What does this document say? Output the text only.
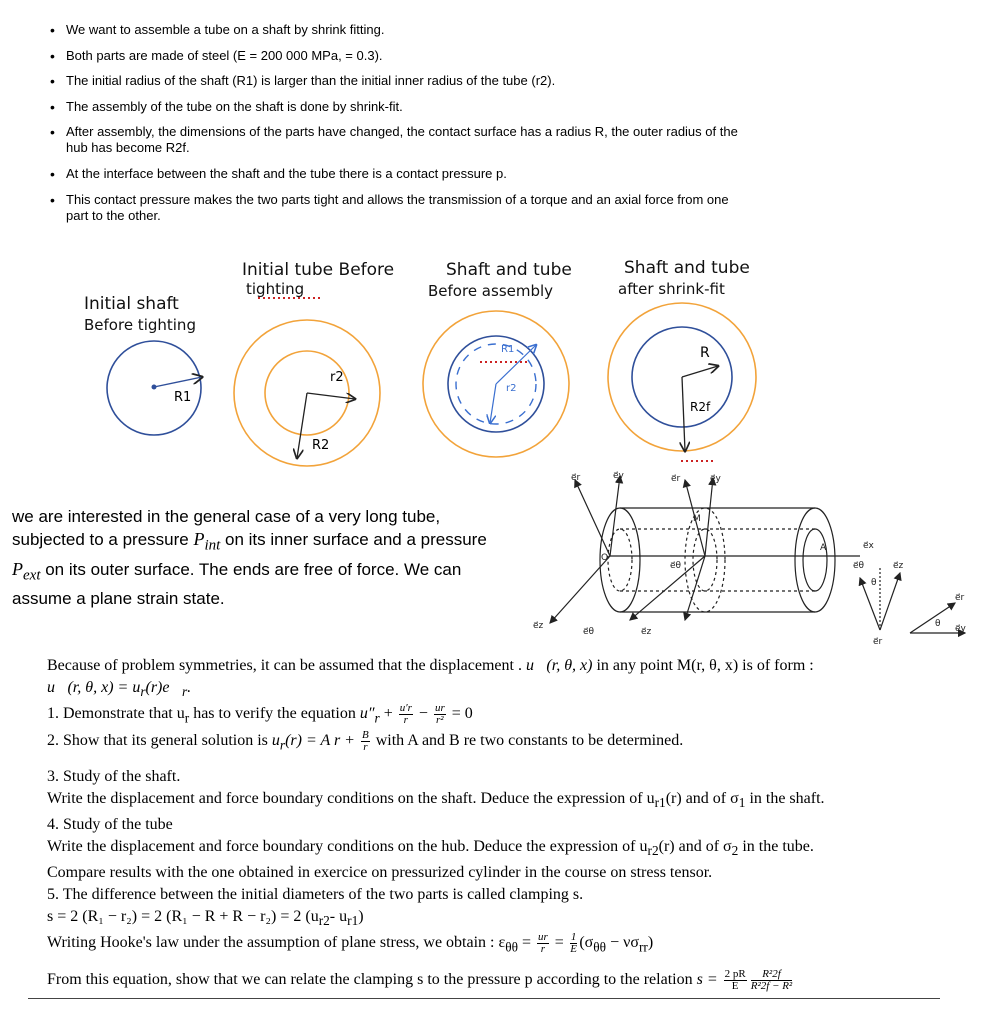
• We want to assemble a tube on a shaft by shrink fitting.
• Both parts are made of steel (E = 200 000 MPa, = 0.3).
• The initial radius of the shaft (R1) is larger than the initial inner radius of the tube (r2).
• The assembly of the tube on the shaft is done by shrink-fit.
• After assembly, the dimensions of the parts have changed, the contact surface has a radius R, the outer radius of the hub has become R2f.
• At the interface between the shaft and the tube there is a contact pressure p.
• This contact pressure makes the two parts tight and allows the transmission of a torque and an axial force from one part to the other.
Initial shaft
Before tighting
Initial tube Before
tighting
Shaft and tube
Before assembly
Shaft and tube
after shrink-fit
R1
r2
R2
R1
r2
R
R2f
we are interested in the general case of a very long tube,
subjected to a pressure $P_{int}$ on its inner surface and a pressure
$P_{ext}$ on its outer surface. The ends are free of force. We can
assume a plane strain state.
e⃗r	e⃗y	e⃗r	e⃗y
M
A
O
e⃗θ
e⃗x
e⃗z
e⃗θ	e⃗z
e⃗θ
θ
e⃗z
e⃗r
θ e⃗y
e⃗r

Because of problem symmetries, it can be assumed that the displacement . u⃗(r, θ, x) in any point M(r, θ, x) is of form :

u⃗(r, θ, $x) = u_r(r)e⃗_r$.

1. Demonstrate that $u_r$ has to verify the equation $u''_r + \frac{u'r}{r} - \frac{ur}{\text{r²}} = 0$

2. Show that its general solution is $u_r(r) = A$ $r + \frac{B}{r}$ with A and B re two constants to be determined.

3. Study of the shaft.

Write the displacement and force boundary conditions on the shaft. Deduce the expression of $u_{r1}(r)$ and of $\sigma_1$ in the shaft.

4. Study of the tube

Write the displacement and force boundary conditions on the hub. Deduce the expression of $u_{r2}(r)$ and of $\sigma_2$ in the tube.

Compare results with the one obtained in exercice on pressurized cylinder in the course on stress tensor.

5. The difference between the initial diameters of the two parts is called clamping s.

s = 2 (R₁ − r₂) = 2 (R₁ − R + R − r₂) = 2 ($u_{r2}-$ $u_{r1}$)

Writing Hooke's law under the assumption of plane stress, we obtain : $\varepsilon_{\theta\theta} = \frac{ur}{r} = \frac{1}{E} (\sigma_{\theta\theta} - \nu\sigma_{rr})$

From this equation, show that we can relate the clamping s to the pressure p according to the relation $s = \frac{2 pR}{E} \frac{\text{R²2f}}{\text{R²2f − R²}}$
